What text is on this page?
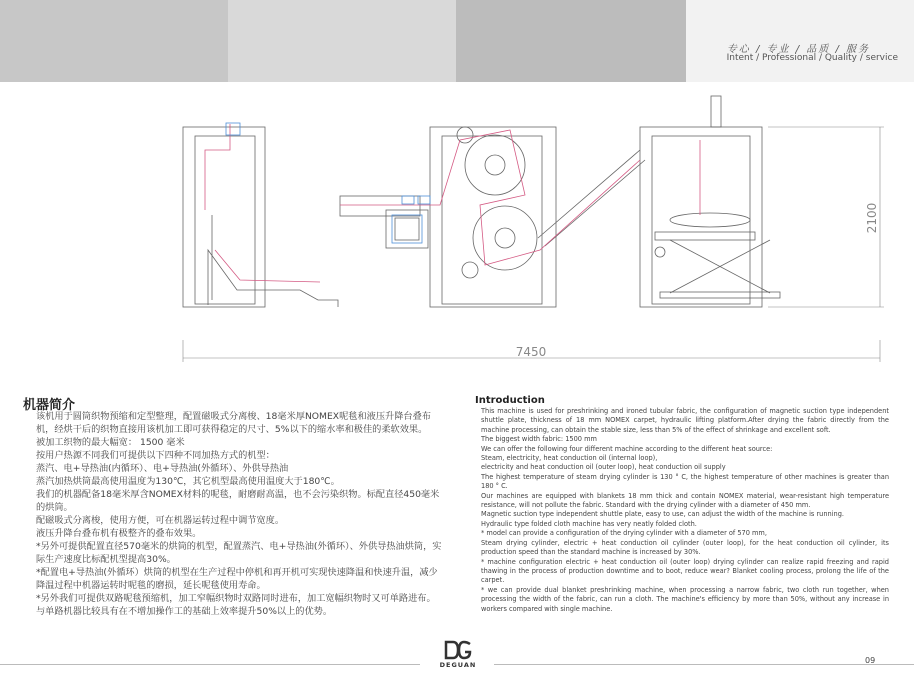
专心 / 专业 / 品质 / 服务
Intent / Professional / Quality / service
7450
2100
机器简介

该机用于圆筒织物预缩和定型整理，配置磁吸式分离梭、18毫米厚NOMEX呢毯和液压升降台叠布机，经烘干后的织物直接用该机加工即可获得稳定的尺寸、5%以下的缩水率和极佳的柔软效果。

被加工织物的最大幅宽： 1500 毫米

按用户热源不同我们可提供以下四种不同加热方式的机型：

蒸汽、电+导热油(内循环）、电+导热油(外循环）、外供导热油

蒸汽加热烘筒最高使用温度为130℃，其它机型最高使用温度大于180℃。

我们的机器配备18毫米厚含NOMEX材料的呢毯，耐磨耐高温，也不会污染织物。标配直径450毫米的烘筒。

配磁吸式分离梭，使用方便，可在机器运转过程中调节宽度。

液压升降台叠布机有极整齐的叠布效果。

*另外可提供配置直径570毫米的烘筒的机型，配置蒸汽、电+导热油(外循环）、外供导热油烘筒，实际生产速度比标配机型提高30%。

*配置电+导热油(外循环）烘筒的机型在生产过程中停机和再开机可实现快速降温和快速升温，减少降温过程中机器运转时呢毯的磨损，延长呢毯使用寿命。

*另外我们可提供双路呢毯预缩机，加工窄幅织物时双路同时进布，加工宽幅织物时又可单路进布。与单路机器比较具有在不增加操作工的基础上效率提升50%以上的优势。

Introduction

This machine is used for preshrinking and ironed tubular fabric, the configuration of magnetic suction type independent shuttle plate, thickness of 18 mm NOMEX carpet, hydraulic lifting platform.After drying the fabric directly from the machine processing, can obtain the stable size, less than 5% of the effect of shrinkage and excellent soft.

The biggest width fabric: 1500 mm

We can offer the following four different machine according to the different heat source:

Steam, electricity, heat conduction oil (internal loop),

electricity and heat conduction oil (outer loop), heat conduction oil supply

The highest temperature of steam drying cylinder is 130 ° C, the highest temperature of other machines is greater than 180 ° C.

Our machines are equipped with blankets 18 mm thick and contain NOMEX material, wear-resistant high temperature resistance, will not pollute the fabric. Standard with the drying cylinder with a diameter of 450 mm.

Magnetic suction type independent shuttle plate, easy to use, can adjust the width of the machine is running.

Hydraulic type folded cloth machine has very neatly folded cloth.

* model can provide a configuration of the drying cylinder with a diameter of 570 mm,

Steam drying cylinder, electric + heat conduction oil cylinder (outer loop), for the heat conduction oil cylinder, its production speed than the standard machine is increased by 30%.

* machine configuration electric + heat conduction oil (outer loop) drying cylinder can realize rapid freezing and rapid thawing in the process of production downtime and to boot, reduce wear? Blanket cooling process, prolong the life of the carpet.

* we can provide dual blanket preshrinking machine, when processing a narrow fabric, two cloth run together, when processing the width of the fabric, can run a cloth. The machine's efficiency by more than 50%, without any increase in workers compared with single machine.

DEGUAN	09
